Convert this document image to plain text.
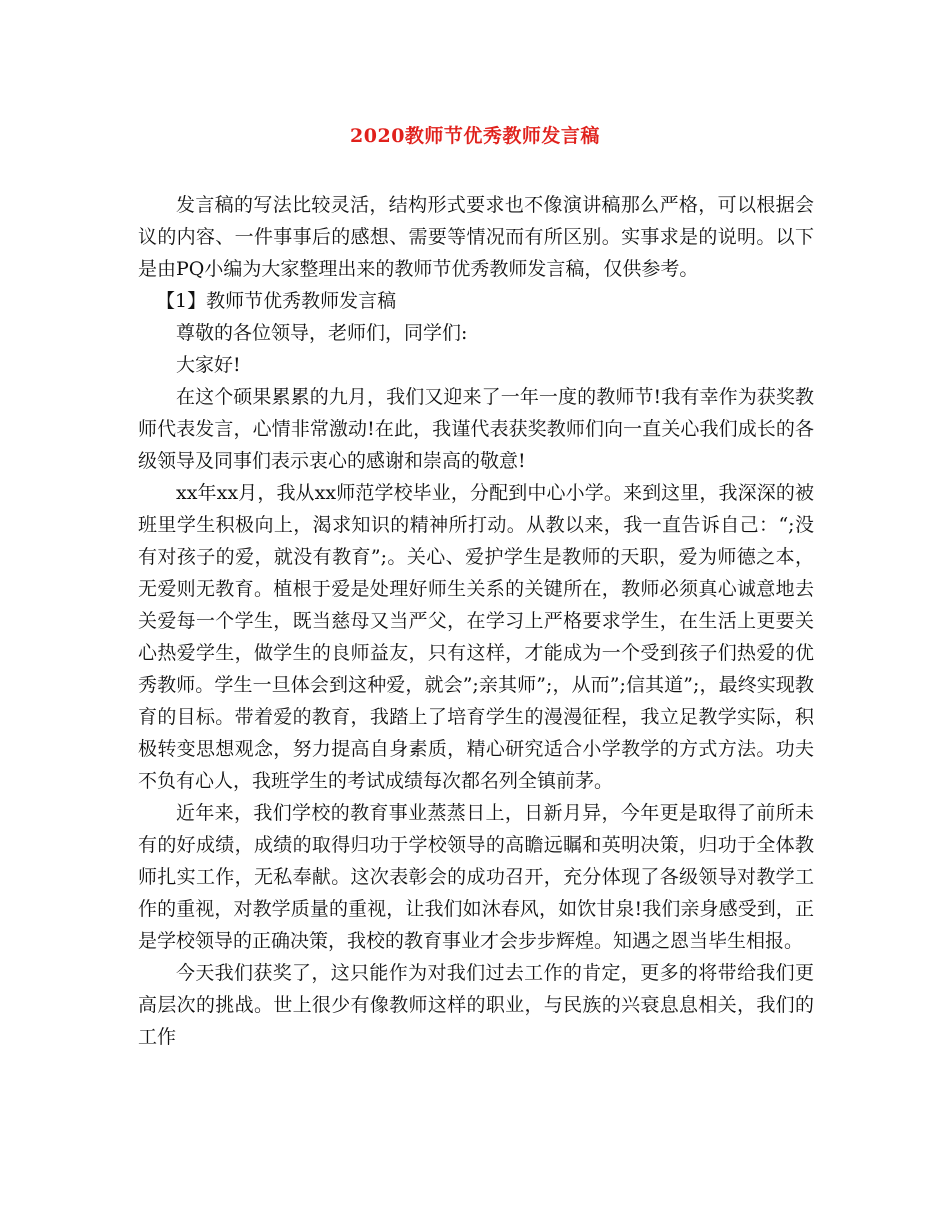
2020教师节优秀教师发言稿

发言稿的写法比较灵活，结构形式要求也不像演讲稿那么严格，可以根据会议的内容、一件事事后的感想、需要等情况而有所区别。实事求是的说明。以下是由PQ小编为大家整理出来的教师节优秀教师发言稿，仅供参考。

【1】教师节优秀教师发言稿

尊敬的各位领导，老师们，同学们:

大家好!

在这个硕果累累的九月，我们又迎来了一年一度的教师节!我有幸作为获奖教师代表发言，心情非常激动!在此，我谨代表获奖教师们向一直关心我们成长的各级领导及同事们表示衷心的感谢和崇高的敬意!

xx年xx月，我从xx师范学校毕业，分配到中心小学。来到这里，我深深的被班里学生积极向上，渴求知识的精神所打动。从教以来，我一直告诉自己：“;没有对孩子的爱，就没有教育”;。关心、爱护学生是教师的天职，爱为师德之本，无爱则无教育。植根于爱是处理好师生关系的关键所在，教师必须真心诚意地去关爱每一个学生，既当慈母又当严父，在学习上严格要求学生，在生活上更要关心热爱学生，做学生的良师益友，只有这样，才能成为一个受到孩子们热爱的优秀教师。学生一旦体会到这种爱，就会”;亲其师”;，从而”;信其道”;，最终实现教育的目标。带着爱的教育，我踏上了培育学生的漫漫征程，我立足教学实际，积极转变思想观念，努力提高自身素质，精心研究适合小学教学的方式方法。功夫不负有心人，我班学生的考试成绩每次都名列全镇前茅。

近年来，我们学校的教育事业蒸蒸日上，日新月异，今年更是取得了前所未有的好成绩，成绩的取得归功于学校领导的高瞻远瞩和英明决策，归功于全体教师扎实工作，无私奉献。这次表彰会的成功召开，充分体现了各级领导对教学工作的重视，对教学质量的重视，让我们如沐春风，如饮甘泉!我们亲身感受到，正是学校领导的正确决策，我校的教育事业才会步步辉煌。知遇之恩当毕生相报。

今天我们获奖了，这只能作为对我们过去工作的肯定，更多的将带给我们更高层次的挑战。世上很少有像教师这样的职业，与民族的兴衰息息相关，我们的工作
